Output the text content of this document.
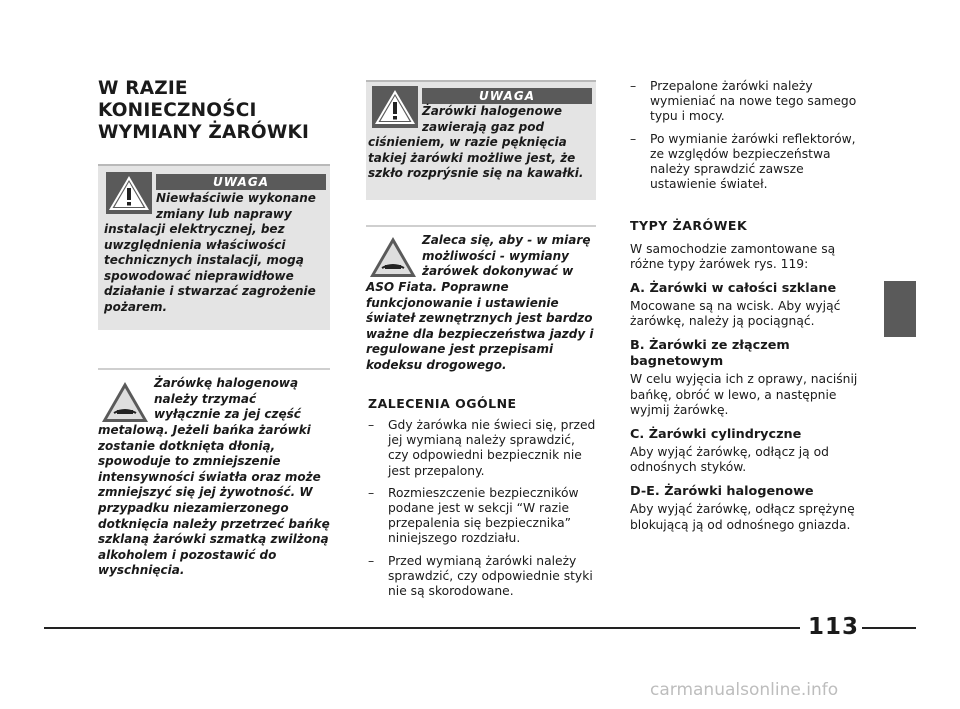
W RAZIE
KONIECZNOŚCI
WYMIANY ŻARÓWKI
UWAGA
Niewłaściwie wykonane
zmiany lub naprawy
instalacji elektrycznej, bez uwzględnienia właściwości technicznych instalacji, mogą spowodować nieprawidłowe działanie i stwarzać zagrożenie pożarem.
Żarówkę halogenową
należy trzymać
wyłącznie za jej część
metalową. Jeżeli bańka żarówki zostanie dotknięta dłonią, spowoduje to zmniejszenie intensywności światła oraz może zmniejszyć się jej żywotność. W przypadku niezamierzonego dotknięcia należy przetrzeć bańkę szklaną żarówki szmatką zwilżoną alkoholem i pozostawić do wyschnięcia.
UWAGA
Żarówki halogenowe
zawierają gaz pod
ciśnieniem, w razie pęknięcia takiej żarówki możliwe jest, że szkło rozprýsnie się na kawałki.
Zaleca się, aby - w miarę
możliwości - wymiany
żarówek dokonywać w
ASO Fiata. Poprawne funkcjonowanie i ustawienie świateł zewnętrznych jest bardzo ważne dla bezpieczeństwa jazdy i regulowane jest przepisami kodeksu drogowego.
ZALECENIA OGÓLNE
– Gdy żarówka nie świeci się, przed jej wymianą należy sprawdzić, czy odpowiedni bezpiecznik nie jest przepalony.
– Rozmieszczenie bezpieczników podane jest w sekcji “W razie przepalenia się bezpiecznika” niniejszego rozdziału.
– Przed wymianą żarówki należy sprawdzić, czy odpowiednie styki nie są skorodowane.
– Przepalone żarówki należy wymieniać na nowe tego samego typu i mocy.
– Po wymianie żarówki reflektorów, ze względów bezpieczeństwa należy sprawdzić zawsze ustawienie świateł.
TYPY ŻARÓWEK
W samochodzie zamontowane są różne typy żarówek rys. 119:
A. Żarówki w całości szklane
Mocowane są na wcisk. Aby wyjąć żarówkę, należy ją pociągnąć.
B. Żarówki ze złączem bagnetowym
W celu wyjęcia ich z oprawy, naciśnij bańkę, obróć w lewo, a następnie wyjmij żarówkę.
C. Żarówki cylindryczne
Aby wyjąć żarówkę, odłącz ją od odnośnych styków.
D-E. Żarówki halogenowe
Aby wyjąć żarówkę, odłącz sprężynę blokującą ją od odnośnego gniazda.
113
carmanualsonline.info
